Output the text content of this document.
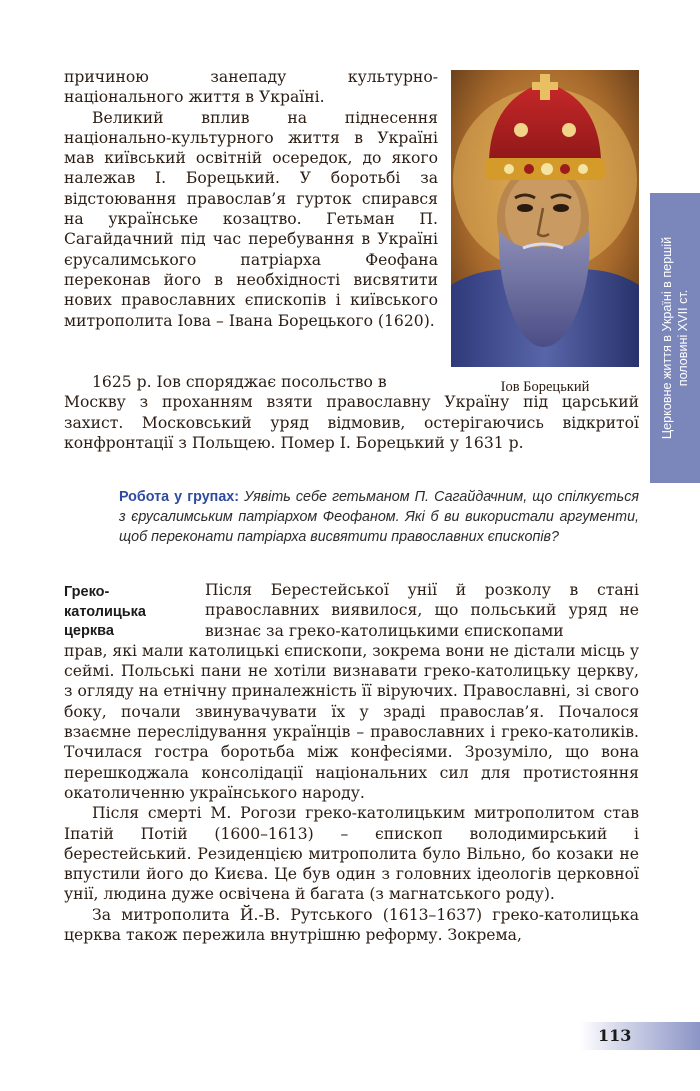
причиною занепаду культурно-національного життя в Україні.

Великий вплив на піднесення національно-культурного життя в Україні мав київський освітній осередок, до якого належав І. Борецький. У боротьбі за відстоювання православ’я гурток спирався на українське козацтво. Гетьман П. Сагайдачний під час перебування в Україні єрусалимського патріарха Феофана переконав його в необхідності висвятити нових православних єпископів і київського митрополита Іова – Івана Борецького (1620).

Іов Борецький

1625 р. Іов споряджає посольство в

Москву з проханням взяти православну Україну під царський захист. Московський уряд відмовив, остерігаючись відкритої конфронтації з Польщею. Помер І. Борецький у 1631 р.

Робота у групах: Уявіть себе гетьманом П. Сагайдачним, що спілкується з єрусалимським патріархом Феофаном. Які б ви використали аргументи, щоб переконати патріарха висвятити православних єпископів?
Греко-
католицька
церква

Після Берестейської унії й розколу в стані православних виявилося, що польський уряд не визнає за греко-католицькими єпископами

прав, які мали католицькі єпископи, зокрема вони не дістали місць у сеймі. Польські пани не хотіли визнавати греко-католицьку церкву, з огляду на етнічну приналежність її віруючих. Православні, зі свого боку, почали звинувачувати їх у зраді православ’я. Почалося взаємне переслідування українців – православних і греко-католиків. Точилася гостра боротьба між конфесіями. Зрозуміло, що вона перешкоджала консолідації національних сил для протистояння окатоличенню українського народу.

Після смерті М. Рогози греко-католицьким митрополитом став Іпатій Потій (1600–1613) – єпископ володимирський і берестейський. Резиденцією митрополита було Вільно, бо козаки не впустили його до Києва. Це був один з головних ідеологів церковної унії, людина дуже освічена й багата (з магнатського роду).

За митрополита Й.-В. Рутського (1613–1637) греко-католицька церква також пережила внутрішню реформу. Зокрема,

Церковне життя в Україні в першій половині XVII ст.
113
